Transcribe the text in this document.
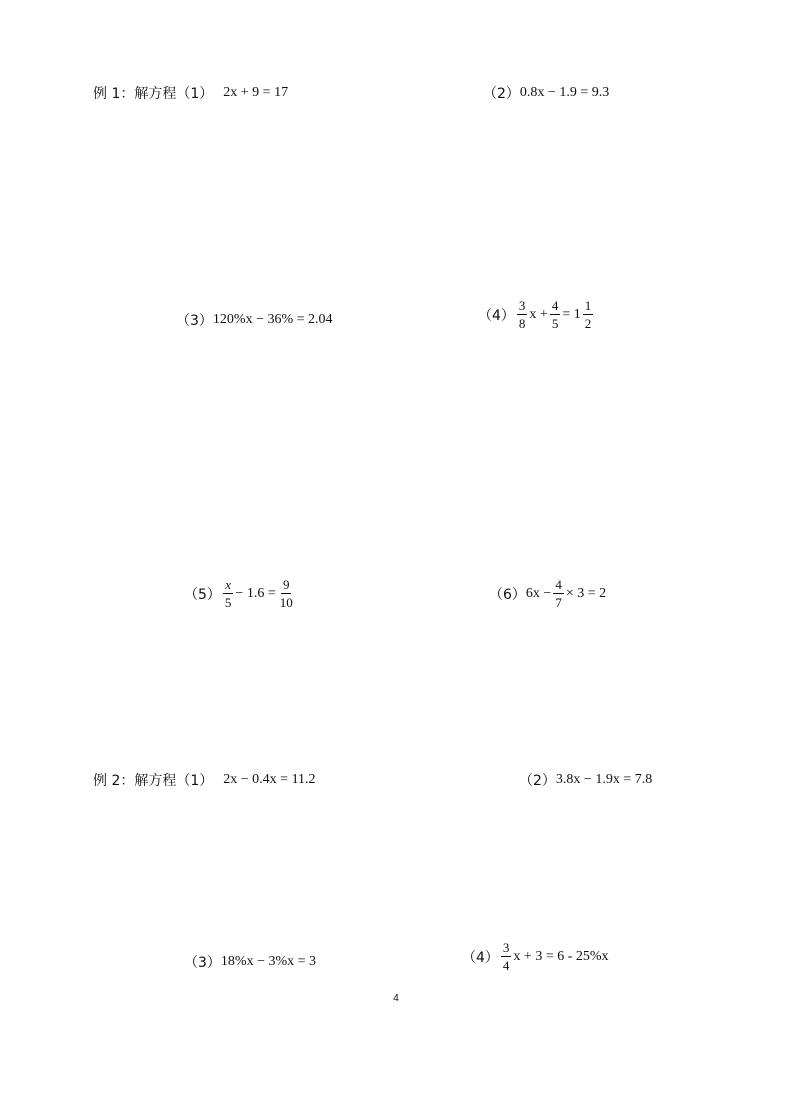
例 1：解方程 （1） 2x + 9 = 17	（2） 0.8x − 1.9 = 9.3
（3） 120%x − 36% = 2.04	$(4) \frac{3}{8}$ $x + \frac{4}{5} = 1 \frac{1}{2}$
$(5) \frac{x}{5} - 1.6 = \frac{9}{10}$	（6） $6x - \frac{4}{7} \times 3 = 2$
例 2：解方程 （1） 2x − 0.4x = 11.2	（2） 3.8x − 1.9x = 7.8
（3） 18%x − 3%x = 3	$(4) \frac{3}{4}$ x + 3 = 6 - 25%x
4
